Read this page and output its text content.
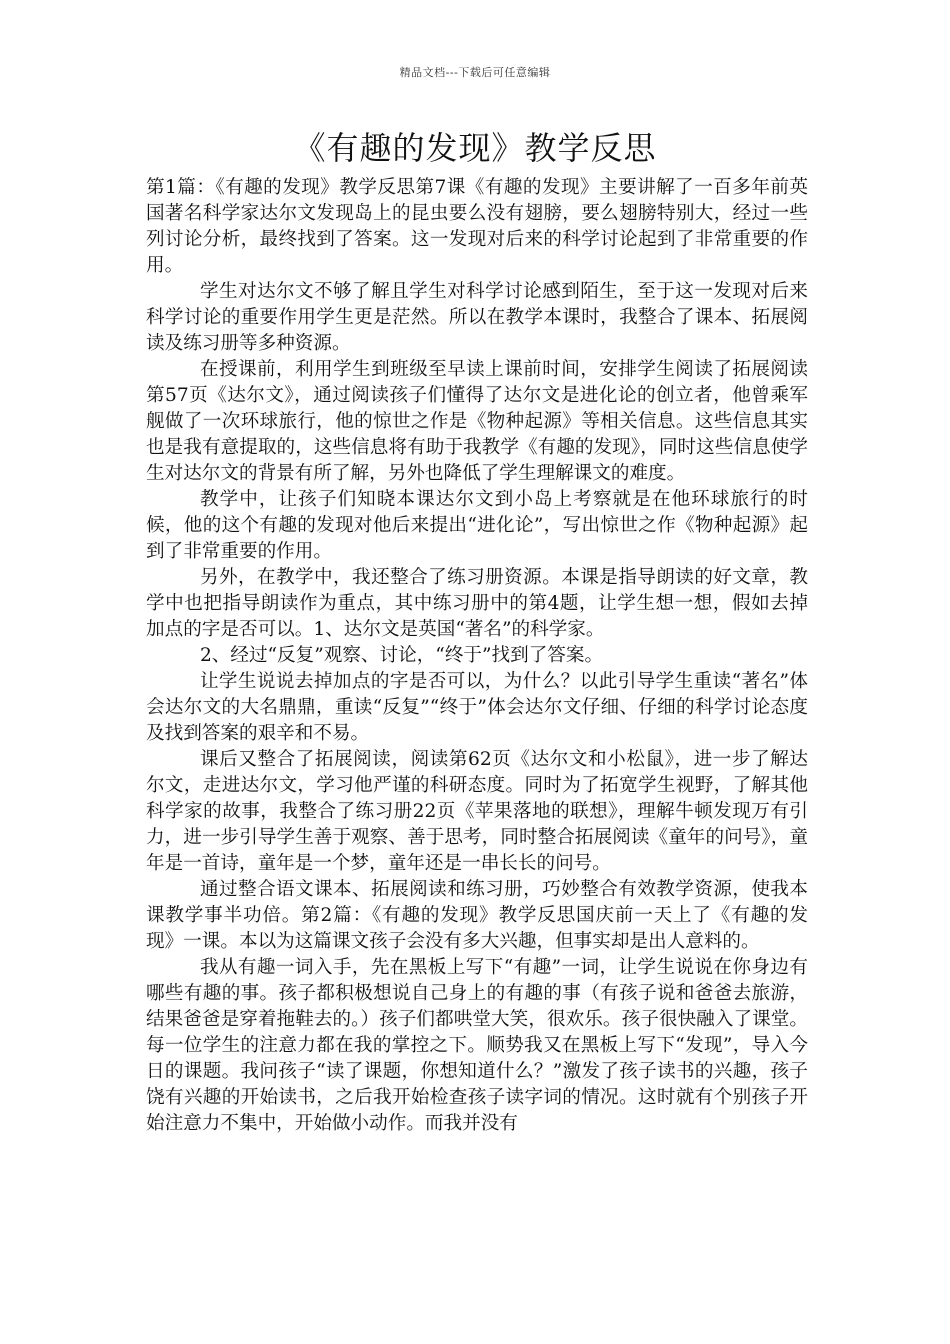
精品文档---下载后可任意编辑
《有趣的发现》教学反思

第1篇：《有趣的发现》教学反思第7课《有趣的发现》主要讲解了一百多年前英国著名科学家达尔文发现岛上的昆虫要么没有翅膀，要么翅膀特别大，经过一些列讨论分析，最终找到了答案。这一发现对后来的科学讨论起到了非常重要的作用。

学生对达尔文不够了解且学生对科学讨论感到陌生，至于这一发现对后来科学讨论的重要作用学生更是茫然。所以在教学本课时，我整合了课本、拓展阅读及练习册等多种资源。

在授课前，利用学生到班级至早读上课前时间，安排学生阅读了拓展阅读第57页《达尔文》，通过阅读孩子们懂得了达尔文是进化论的创立者，他曾乘军舰做了一次环球旅行，他的惊世之作是《物种起源》等相关信息。这些信息其实也是我有意提取的，这些信息将有助于我教学《有趣的发现》，同时这些信息使学生对达尔文的背景有所了解，另外也降低了学生理解课文的难度。

教学中，让孩子们知晓本课达尔文到小岛上考察就是在他环球旅行的时候，他的这个有趣的发现对他后来提出“进化论”，写出惊世之作《物种起源》起到了非常重要的作用。

另外，在教学中，我还整合了练习册资源。本课是指导朗读的好文章，教学中也把指导朗读作为重点，其中练习册中的第4题，让学生想一想，假如去掉加点的字是否可以。1、达尔文是英国“著名”的科学家。

2、经过“反复”观察、讨论，“终于”找到了答案。

让学生说说去掉加点的字是否可以，为什么？以此引导学生重读“著名”体会达尔文的大名鼎鼎，重读“反复”“终于”体会达尔文仔细、仔细的科学讨论态度及找到答案的艰辛和不易。

课后又整合了拓展阅读，阅读第62页《达尔文和小松鼠》，进一步了解达尔文，走进达尔文，学习他严谨的科研态度。同时为了拓宽学生视野，了解其他科学家的故事，我整合了练习册22页《苹果落地的联想》，理解牛顿发现万有引力，进一步引导学生善于观察、善于思考，同时整合拓展阅读《童年的问号》，童年是一首诗，童年是一个梦，童年还是一串长长的问号。

通过整合语文课本、拓展阅读和练习册，巧妙整合有效教学资源，使我本课教学事半功倍。第2篇：《有趣的发现》教学反思国庆前一天上了《有趣的发现》一课。本以为这篇课文孩子会没有多大兴趣，但事实却是出人意料的。

我从有趣一词入手，先在黑板上写下“有趣”一词，让学生说说在你身边有哪些有趣的事。孩子都积极想说自己身上的有趣的事（有孩子说和爸爸去旅游，结果爸爸是穿着拖鞋去的。）孩子们都哄堂大笑，很欢乐。孩子很快融入了课堂。每一位学生的注意力都在我的掌控之下。顺势我又在黑板上写下“发现”，导入今日的课题。我问孩子“读了课题，你想知道什么？”激发了孩子读书的兴趣，孩子饶有兴趣的开始读书，之后我开始检查孩子读字词的情况。这时就有个别孩子开始注意力不集中，开始做小动作。而我并没有
